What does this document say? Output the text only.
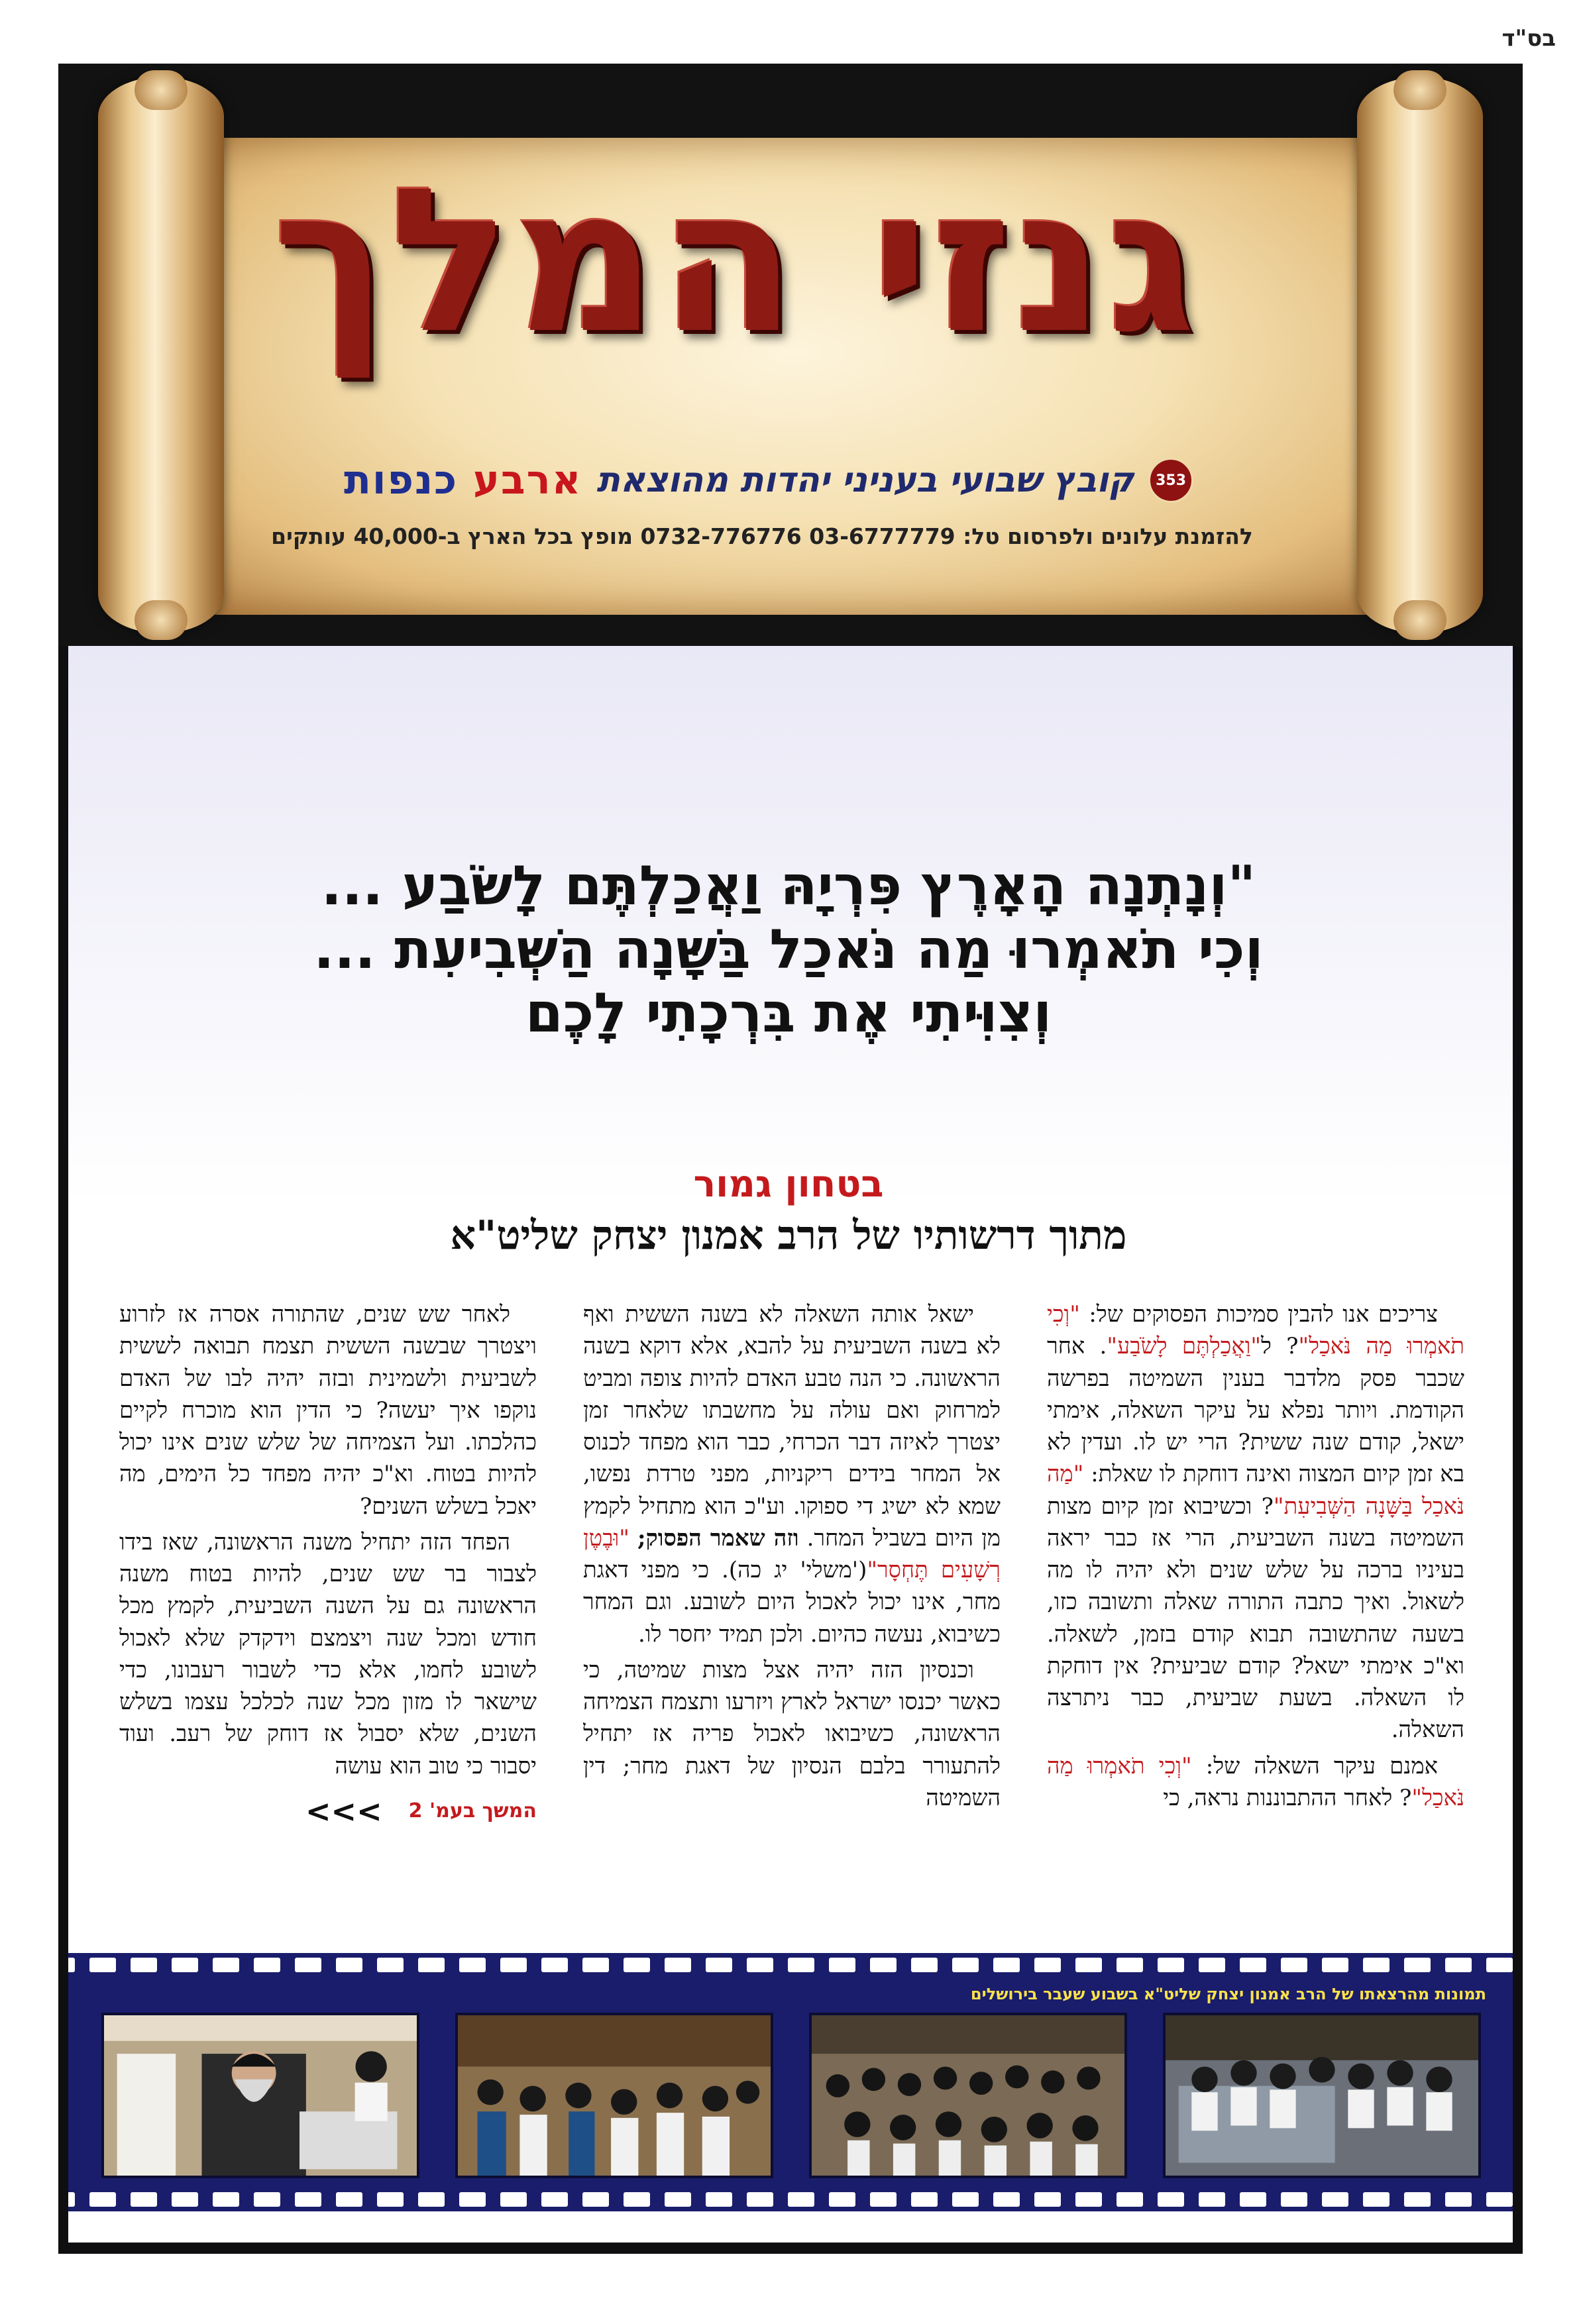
בס"ד
גנזי המלך
353
קובץ שבועי בעניני יהדות מהוצאת
ארבע כנפות
להזמנת עלונים ולפרסום טל: 03-6777779 0732-776776 מופץ בכל הארץ ב-40,000 עותקים
"וְנָתְנָה הָאָרֶץ פִּרְיָהּ וַאֲכַלְתֶּם לָשֹׂבַע ...
וְכִי תֹאמְרוּ מַה נֹּאכַל בַּשָּׁנָה הַשְּׁבִיעִת ...
וְצִוִּיתִי אֶת בִּרְכָתִי לָכֶם
בטחון גמור
מתוך דרשותיו של הרב אמנון יצחק שליט"א

צריכים אנו להבין סמיכות הפסוקים של: "וְכִי תֹאמְרוּ מַה נֹּאכַל"? ל"וַאֲכַלְתֶּם לָשֹׂבַע". אחר שכבר פסק מלדבר בענין השמיטה בפרשה הקודמת. ויותר נפלא על עיקר השאלה, אימתי ישאל, קודם שנה ששית? הרי יש לו. ועדין לא בא זמן קיום המצוה ואינה דוחקת לו שאלת: "מַה נֹּאכַל בַּשָּׁנָה הַשְּׁבִיעִת"? וכשיבוא זמן קיום מצות השמיטה בשנה השביעית, הרי אז כבר יראה בעיניו ברכה על שלש שנים ולא יהיה לו מה לשאול. ואיך כתבה התורה שאלה ותשובה כזו, בשעה שהתשובה תבוא קודם בזמן, לשאלה. וא"כ אימתי ישאל? קודם שביעית? אין דוחקת לו השאלה. בשעת שביעית, כבר ניתרצה השאלה.

אמנם עיקר השאלה של: "וְכִי תֹאמְרוּ מַה נֹּאכַל"? לאחר ההתבוננות נראה, כי

ישאל אותה השאלה לא בשנה הששית ואף לא בשנה השביעית על להבא, אלא דוקא בשנה הראשונה. כי הנה טבע האדם להיות צופה ומביט למרחוק ואם עולה על מחשבתו שלאחר זמן יצטרך לאיזה דבר הכרחי, כבר הוא מפחד לכנוס אל המחר בידים ריקניות, מפני טרדת נפשו, שמא לא ישיג די ספוקו. וע"כ הוא מתחיל לקמץ מן היום בשביל המחר. וזה שאמר הפסוק; "וּבֶטֶן רְשָׁעִים תֶּחְסָר"('משלי' יג כה). כי מפני דאגת מחר, אינו יכול לאכול היום לשובע. וגם המחר כשיבוא, נעשה כהיום. ולכן תמיד יחסר לו.

וכנסיון הזה יהיה אצל מצות שמיטה, כי כאשר יכנסו ישראל לארץ ויזרעו ותצמח הצמיחה הראשונה, כשיבואו לאכול פריה אז יתחיל להתעורר בלבם הנסיון של דאגת מחר; דין השמיטה

לאחר שש שנים, שהתורה אסרה אז לזרוע ויצטרך שבשנה הששית תצמח תבואה לששית לשביעית ולשמינית ובזה יהיה לבו של האדם נוקפו איך יעשה? כי הדין הוא מוכרח לקיים כהלכתו. ועל הצמיחה של שלש שנים אינו יכול להיות בטוח. וא"כ יהיה מפחד כל הימים, מה יאכל בשלש השנים?

הפחד הזה יתחיל משנה הראשונה, שאז בידו לצבור בר שש שנים, להיות בטוח משנה הראשונה גם על השנה השביעית, לקמץ מכל חודש ומכל שנה ויצמצם וידקדק שלא לאכול לשובע לחמו, אלא כדי לשבור רעבונו, כדי שישאר לו מזון מכל שנה לכלכל עצמו בשלש השנים, שלא יסבול אז דוחק של רעב. ועוד יסבור כי טוב הוא עושה

המשך בעמ' 2
<<<
תמונות מהרצאתו של הרב אמנון יצחק שליט"א בשבוע שעבר בירושלים
